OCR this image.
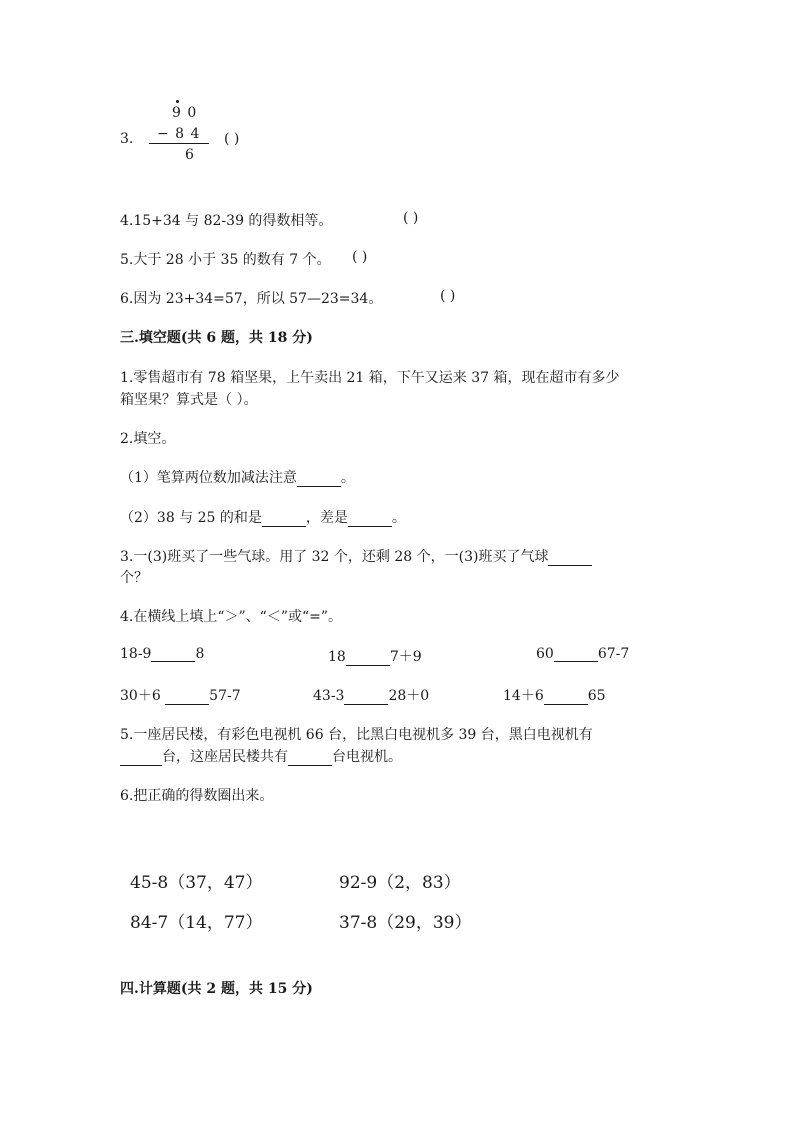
3.
9 0
− 8 4
6
( )
4.15+34 与 82-39 的得数相等。	( )
5.大于 28 小于 35 的数有 7 个。 ( )
6.因为 23+34=57，所以 57—23=34。	( )
三.填空题(共 6 题，共 18 分)
1.零售超市有 78 箱坚果，上午卖出 21 箱，下午又运来 37 箱，现在超市有多少
箱坚果？算式是（ ）。
2.填空。
（1）笔算两位数加减法注意	。
（2）38 与 25 的和是	，差是	。
3.一(3)班买了一些气球。用了 32 个，还剩 28 个，一(3)班买了气球
个？
4.在横线上填上“＞”、“＜”或“=”。
18-9	8	18	7＋9	60	67-7
30＋6	57-7	43-3	28＋0	14＋6	65
5.一座居民楼，有彩色电视机 66 台，比黑白电视机多 39 台，黑白电视机有
台，这座居民楼共有	台电视机。
6.把正确的得数圈出来。
45-8（37，47）	92-9（2，83）
84-7（14，77）	37-8（29，39）
四.计算题(共 2 题，共 15 分)
